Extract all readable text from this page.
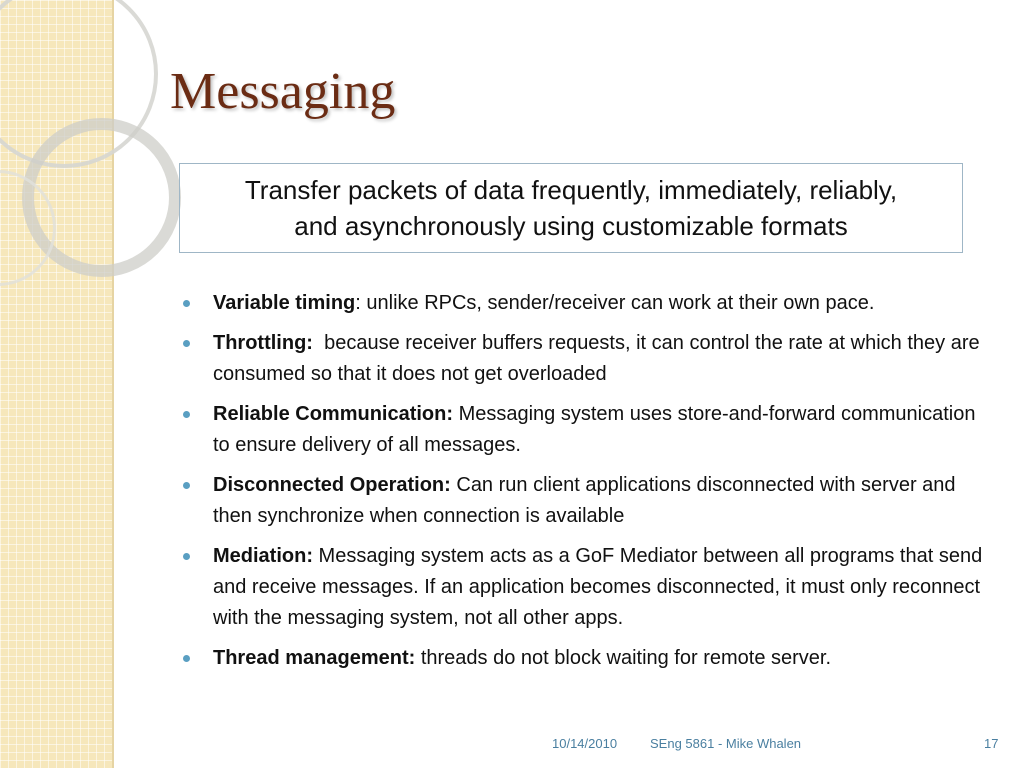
Messaging
Transfer packets of data frequently, immediately, reliably,
and asynchronously using customizable formats
Variable timing: unlike RPCs, sender/receiver can work at their own pace.
Throttling:  because receiver buffers requests, it can control the rate at which they are consumed so that it does not get overloaded
Reliable Communication: Messaging system uses store-and-forward communication to ensure delivery of all messages.
Disconnected Operation: Can run client applications disconnected with server and then synchronize when connection is available
Mediation: Messaging system acts as a GoF Mediator between all programs that send and receive messages. If an application becomes disconnected, it must only reconnect with the messaging system, not all other apps.
Thread management: threads do not block waiting for remote server.
10/14/2010	SEng 5861 - Mike Whalen	17
